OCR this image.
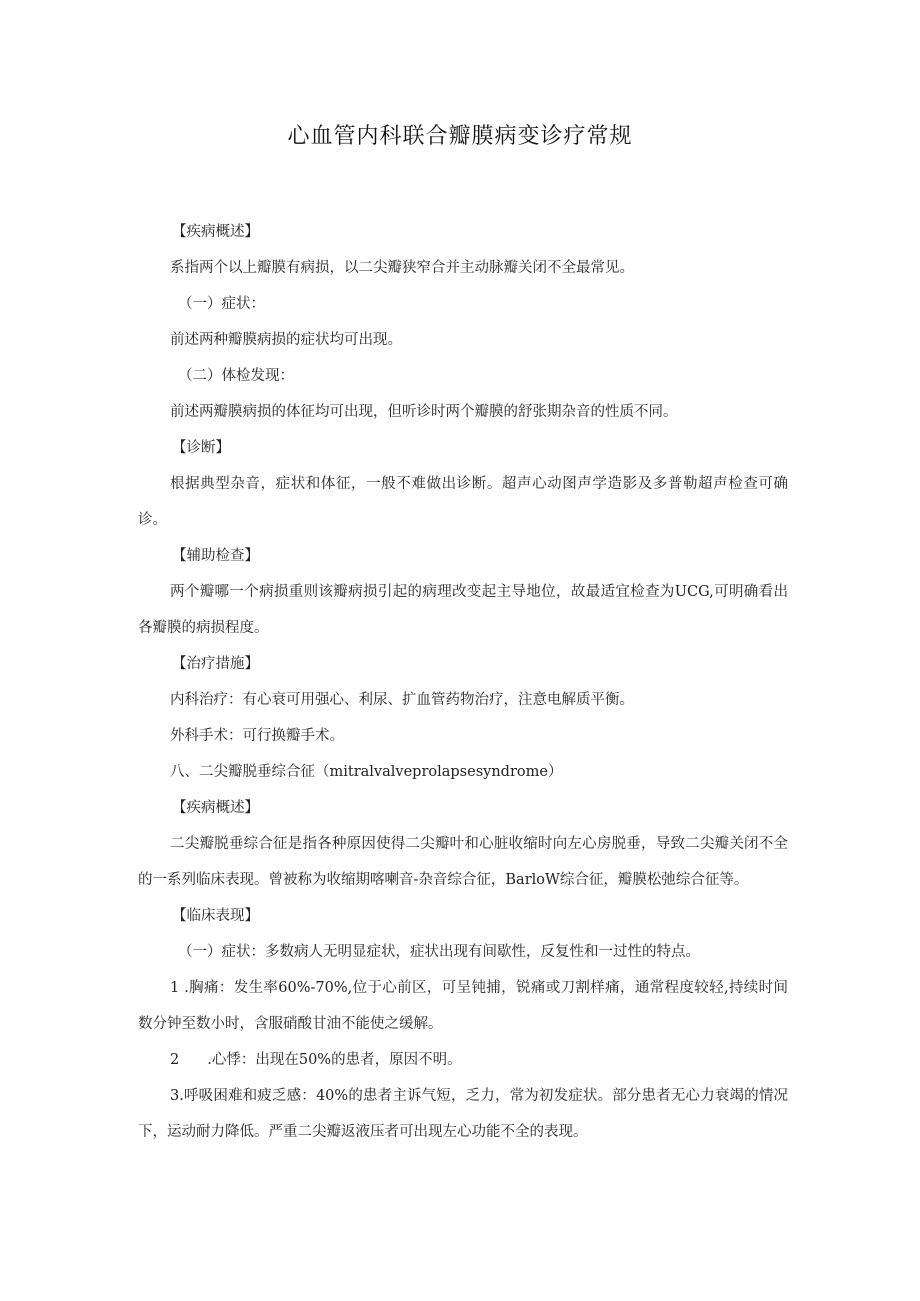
心血管内科联合瓣膜病变诊疗常规

【疾病概述】

系指两个以上瓣膜有病损，以二尖瓣狭窄合并主动脉瓣关闭不全最常见。

（一）症状：

前述两种瓣膜病损的症状均可出现。

（二）体检发现：

前述两瓣膜病损的体征均可出现，但听诊时两个瓣膜的舒张期杂音的性质不同。

【诊断】

根据典型杂音，症状和体征，一般不难做出诊断。超声心动图声学造影及多普勒超声检查可确诊。

【辅助检查】

两个瓣哪一个病损重则该瓣病损引起的病理改变起主导地位，故最适宜检查为UCG,可明确看出各瓣膜的病损程度。

【治疗措施】

内科治疗：有心衰可用强心、利尿、扩血管药物治疗，注意电解质平衡。

外科手术：可行换瓣手术。

八、二尖瓣脱垂综合征（mitralvalveprolapsesyndrome）

【疾病概述】

二尖瓣脱垂综合征是指各种原因使得二尖瓣叶和心脏收缩时向左心房脱垂，导致二尖瓣关闭不全的一系列临床表现。曾被称为收缩期喀喇音-杂音综合征，BarloW综合征，瓣膜松弛综合征等。

【临床表现】

（一）症状：多数病人无明显症状，症状出现有间歇性，反复性和一过性的特点。

1 .胸痛：发生率60%-70%,位于心前区，可呈钝捕，锐痛或刀割样痛，通常程度较轻,持续时间数分钟至数小时，含服硝酸甘油不能使之缓解。

2 .心悸：出现在50%的患者，原因不明。

3.呼吸困难和疲乏感：40%的患者主诉气短，乏力，常为初发症状。部分患者无心力衰竭的情况下，运动耐力降低。严重二尖瓣返液压者可出现左心功能不全的表现。
